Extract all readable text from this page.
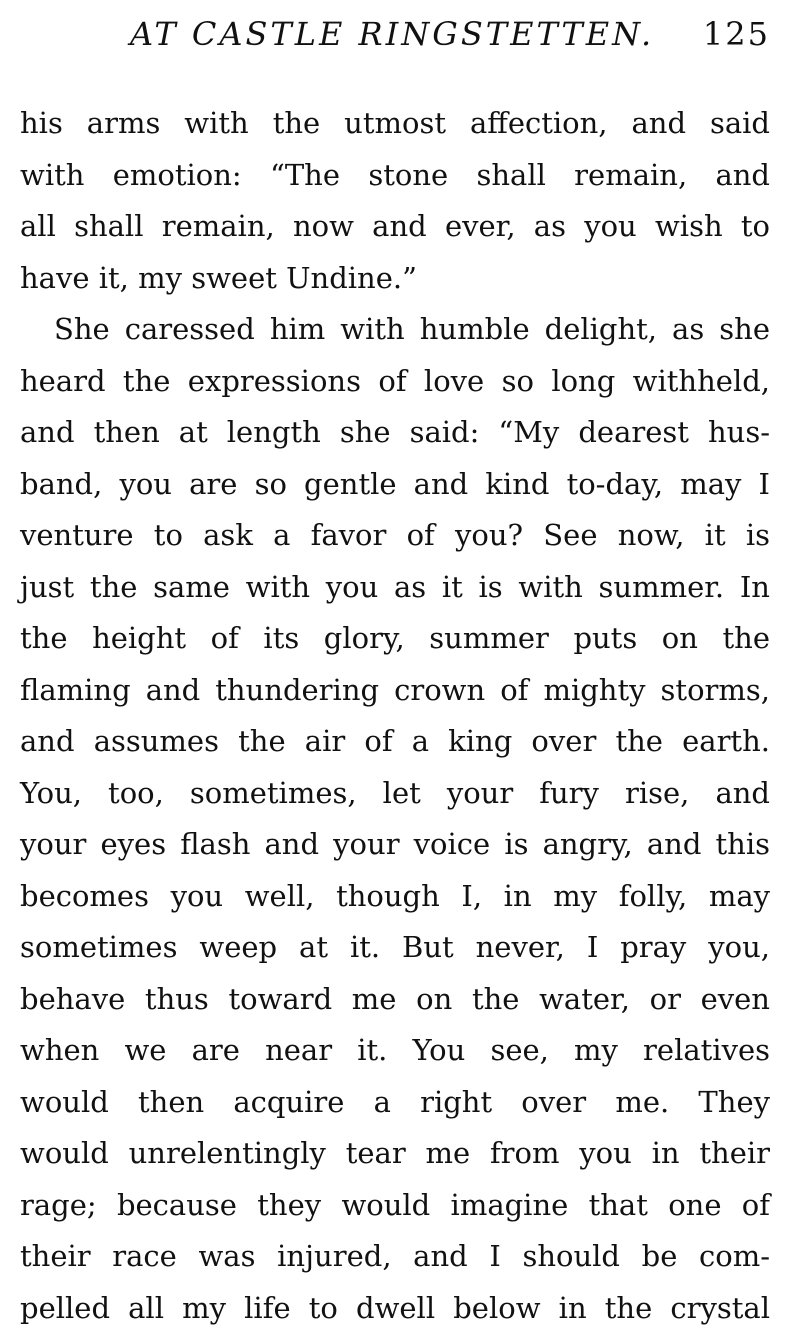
AT CASTLE RINGSTETTEN. 125
his arms with the utmost affection, and said
with emotion: “The stone shall remain, and
all shall remain, now and ever, as you wish to
have it, my sweet Undine.”
She caressed him with humble delight, as she
heard the expressions of love so long withheld,
and then at length she said: “My dearest hus-
band, you are so gentle and kind to-day, may I
venture to ask a favor of you? See now, it is
just the same with you as it is with summer. In
the height of its glory, summer puts on the
flaming and thundering crown of mighty storms,
and assumes the air of a king over the earth.
You, too, sometimes, let your fury rise, and
your eyes flash and your voice is angry, and this
becomes you well, though I, in my folly, may
sometimes weep at it. But never, I pray you,
behave thus toward me on the water, or even
when we are near it. You see, my relatives
would then acquire a right over me. They
would unrelentingly tear me from you in their
rage; because they would imagine that one of
their race was injured, and I should be com-
pelled all my life to dwell below in the crystal
